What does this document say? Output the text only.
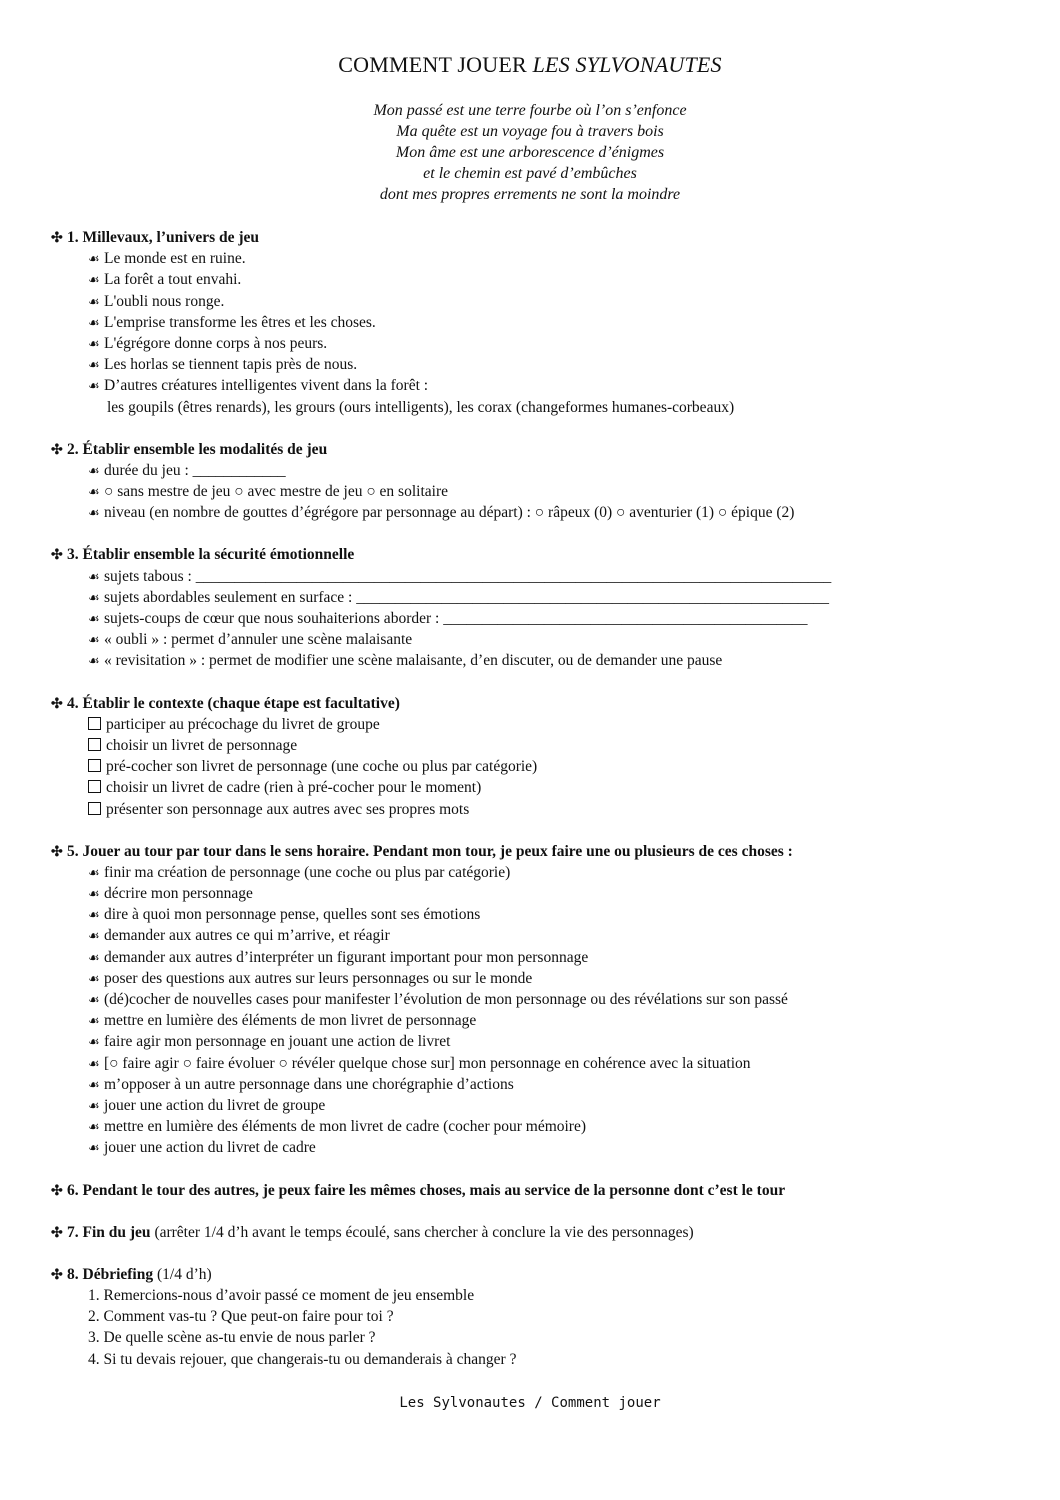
COMMENT JOUER LES SYLVONAUTES
Mon passé est une terre fourbe où l’on s’enfonce
Ma quête est un voyage fou à travers bois
Mon âme est une arborescence d’énigmes
et le chemin est pavé d’embûches
dont mes propres errements ne sont la moindre
✣ 1. Millevaux, l’univers de jeu
☙ Le monde est en ruine.
☙ La forêt a tout envahi.
☙ L'oubli nous ronge.
☙ L'emprise transforme les êtres et les choses.
☙ L'égrégore donne corps à nos peurs.
☙ Les horlas se tiennent tapis près de nous.
☙ D’autres créatures intelligentes vivent dans la forêt :
les goupils (êtres renards), les grours (ours intelligents), les corax (changeformes humanes-corbeaux)
✣ 2. Établir ensemble les modalités de jeu
☙ durée du jeu : ____________
☙ ○ sans mestre de jeu ○ avec mestre de jeu ○ en solitaire
☙ niveau (en nombre de gouttes d’égrégore par personnage au départ) : ○ râpeux (0) ○ aventurier (1) ○ épique (2)
✣ 3. Établir ensemble la sécurité émotionnelle
☙ sujets tabous : __________________________________________________________________________________
☙ sujets abordables seulement en surface : _____________________________________________________________
☙ sujets-coups de cœur que nous souhaiterions aborder : _______________________________________________
☙ « oubli » : permet d’annuler une scène malaisante
☙ « revisitation » : permet de modifier une scène malaisante, d’en discuter, ou de demander une pause
✣ 4. Établir le contexte (chaque étape est facultative)
participer au précochage du livret de groupe
choisir un livret de personnage
pré-cocher son livret de personnage (une coche ou plus par catégorie)
choisir un livret de cadre (rien à pré-cocher pour le moment)
présenter son personnage aux autres avec ses propres mots
✣ 5. Jouer au tour par tour dans le sens horaire. Pendant mon tour, je peux faire une ou plusieurs de ces choses :
☙ finir ma création de personnage (une coche ou plus par catégorie)
☙ décrire mon personnage
☙ dire à quoi mon personnage pense, quelles sont ses émotions
☙ demander aux autres ce qui m’arrive, et réagir
☙ demander aux autres d’interpréter un figurant important pour mon personnage
☙ poser des questions aux autres sur leurs personnages ou sur le monde
☙ (dé)cocher de nouvelles cases pour manifester l’évolution de mon personnage ou des révélations sur son passé
☙ mettre en lumière des éléments de mon livret de personnage
☙ faire agir mon personnage en jouant une action de livret
☙ [○ faire agir ○ faire évoluer ○ révéler quelque chose sur] mon personnage en cohérence avec la situation
☙ m’opposer à un autre personnage dans une chorégraphie d’actions
☙ jouer une action du livret de groupe
☙ mettre en lumière des éléments de mon livret de cadre (cocher pour mémoire)
☙ jouer une action du livret de cadre
✣ 6. Pendant le tour des autres, je peux faire les mêmes choses, mais au service de la personne dont c’est le tour
✣ 7. Fin du jeu (arrêter 1/4 d’h avant le temps écoulé, sans chercher à conclure la vie des personnages)
✣ 8. Débriefing (1/4 d’h)
1. Remercions-nous d’avoir passé ce moment de jeu ensemble
2. Comment vas-tu ? Que peut-on faire pour toi ?
3. De quelle scène as-tu envie de nous parler ?
4. Si tu devais rejouer, que changerais-tu ou demanderais à changer ?
Les Sylvonautes / Comment jouer
